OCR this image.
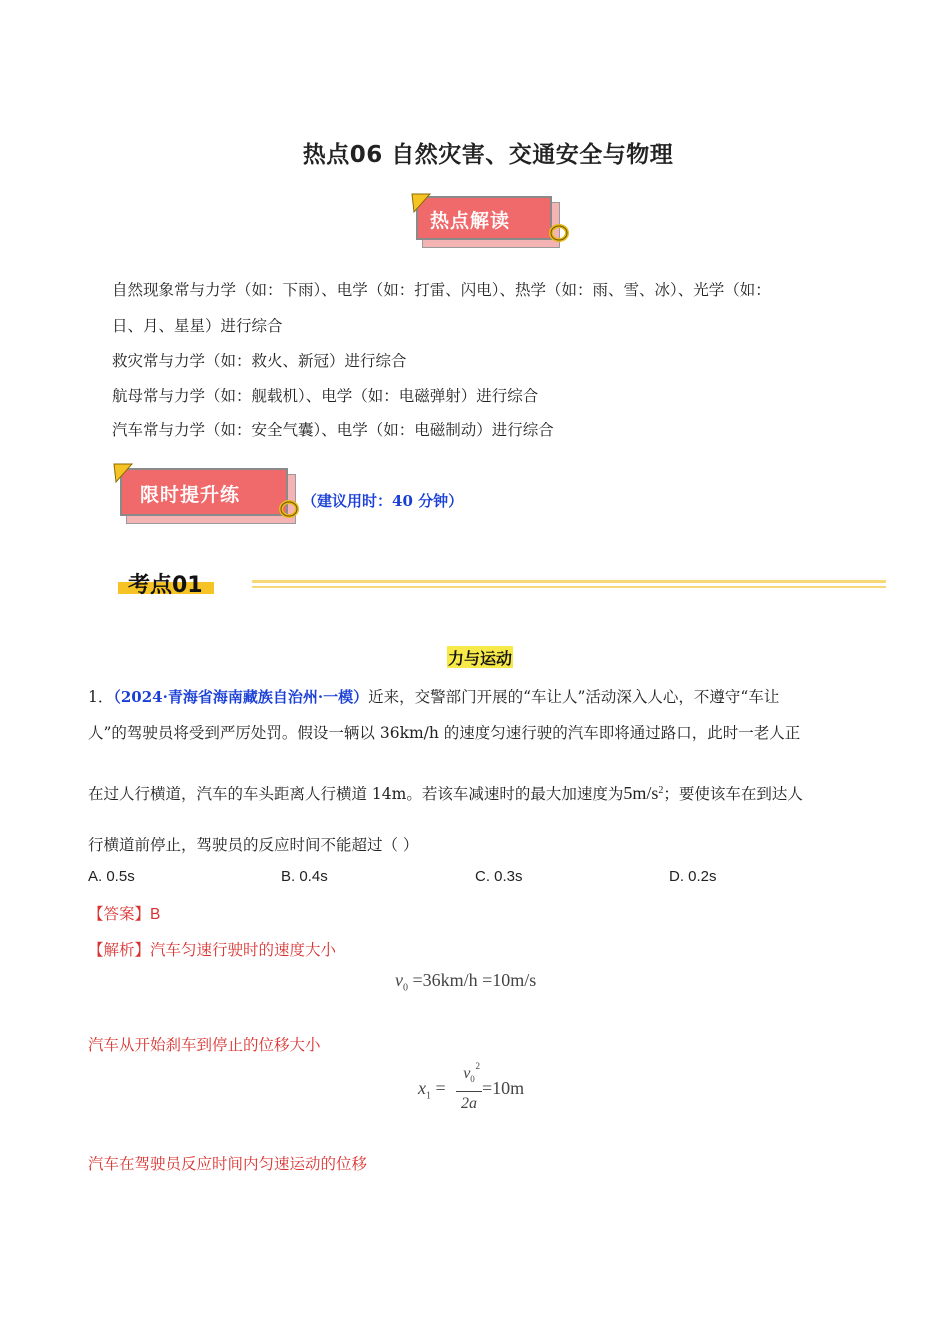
热点06 自然灾害、交通安全与物理
热点解读
自然现象常与力学（如：下雨）、电学（如：打雷、闪电）、热学（如：雨、雪、冰）、光学（如：
日、月、星星）进行综合
救灾常与力学（如：救火、新冠）进行综合
航母常与力学（如：舰载机）、电学（如：电磁弹射）进行综合
汽车常与力学（如：安全气囊）、电学（如：电磁制动）进行综合
限时提升练	（建议用时：40 分钟）
考点01
力与运动
1．（2024·青海省海南藏族自治州·一模）近来，交警部门开展的“车让人”活动深入人心，不遵守“车让
人”的驾驶员将受到严厉处罚。假设一辆以 36km/h 的速度匀速行驶的汽车即将通过路口，此时一老人正
在过人行横道，汽车的车头距离人行横道 14m。若该车减速时的最大加速度为$5m/s^2$；要使该车在到达人
行横道前停止，驾驶员的反应时间不能超过（ ）
A. 0.5s	B. 0.4s	C. 0.3s	D. 0.2s
【答案】B
【解析】汽车匀速行驶时的速度大小
$v_0 =36km/h =10m/s$
汽车从开始刹车到停止的位移大小
$x_1$ =
$v_0$
2
2a
=10m
汽车在驾驶员反应时间内匀速运动的位移
